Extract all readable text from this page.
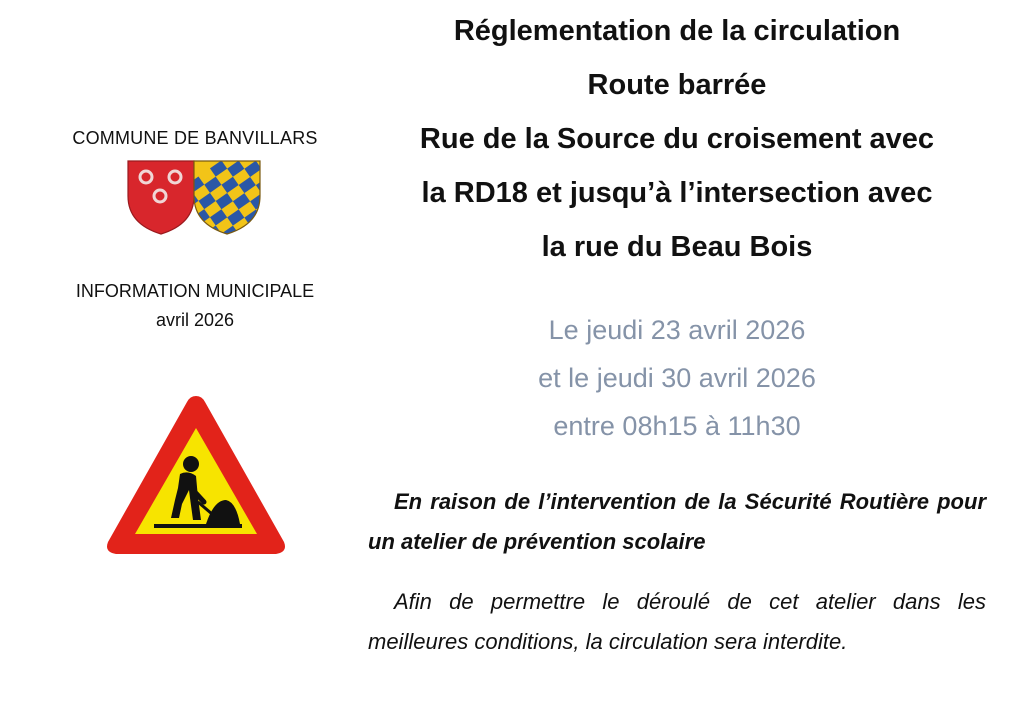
COMMUNE DE BANVILLARS
INFORMATION MUNICIPALE
avril 2026
Réglementation de la circulation
Route barrée
Rue de la Source du croisement avec
la RD18 et jusqu’à l’intersection avec
la rue du Beau Bois
Le jeudi 23 avril 2026
et le jeudi 30 avril 2026
entre 08h15 à 11h30
En raison de l’intervention de la Sécurité Routière pour un atelier de prévention scolaire
Afin de permettre le déroulé de cet atelier dans les meilleures conditions, la circulation sera interdite.
